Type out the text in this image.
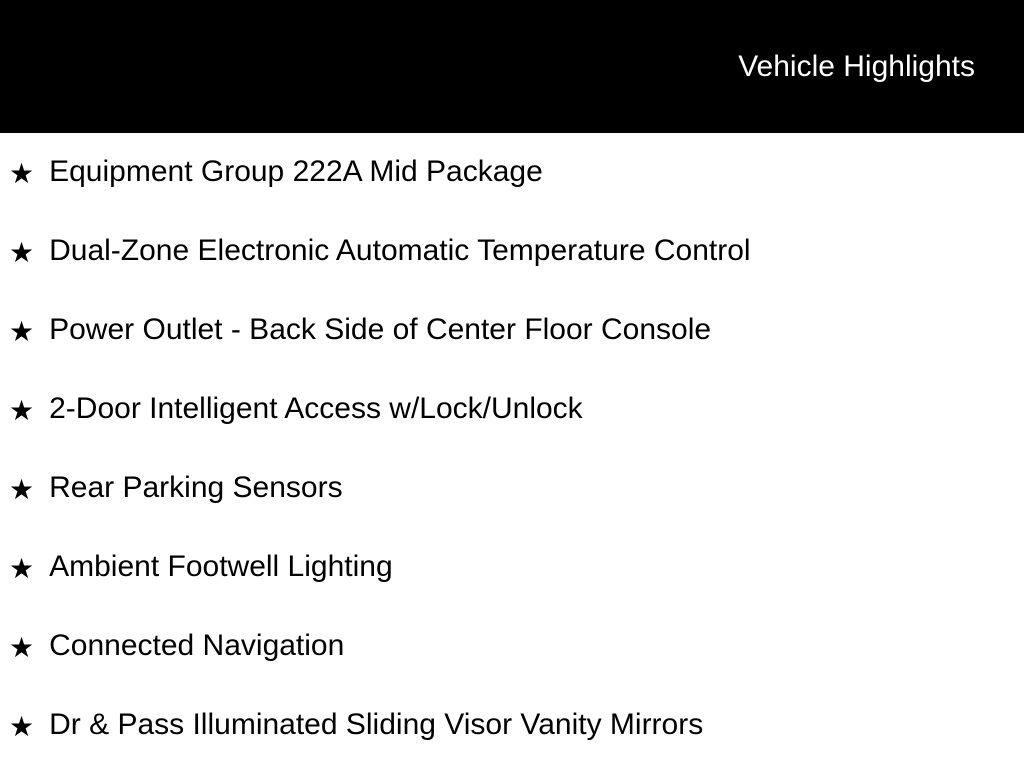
Vehicle Highlights
★ Equipment Group 222A Mid Package
★ Dual-Zone Electronic Automatic Temperature Control
★ Power Outlet - Back Side of Center Floor Console
★ 2-Door Intelligent Access w/Lock/Unlock
★ Rear Parking Sensors
★ Ambient Footwell Lighting
★ Connected Navigation
★ Dr & Pass Illuminated Sliding Visor Vanity Mirrors
